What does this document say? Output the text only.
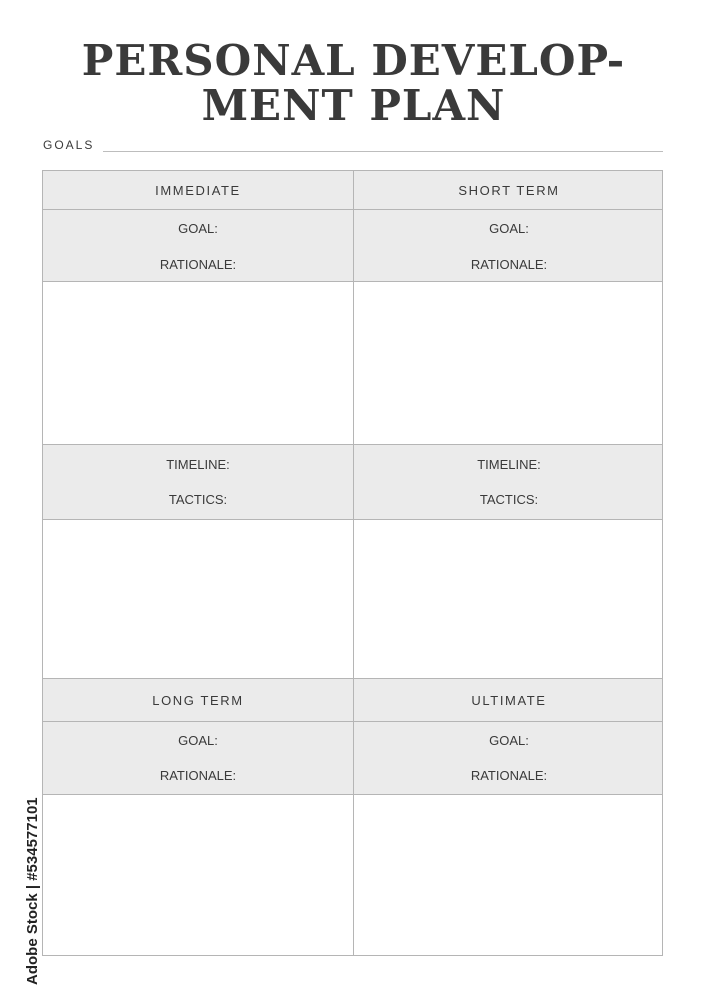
PERSONAL DEVELOP-
MENT PLAN
GOALS
IMMEDIATE	SHORT TERM
GOAL:
RATIONALE:
GOAL:
RATIONALE:
TIMELINE:
TACTICS:
TIMELINE:
TACTICS:
LONG TERM	ULTIMATE
GOAL:
RATIONALE:
GOAL:
RATIONALE:
Adobe Stock | #534577101
